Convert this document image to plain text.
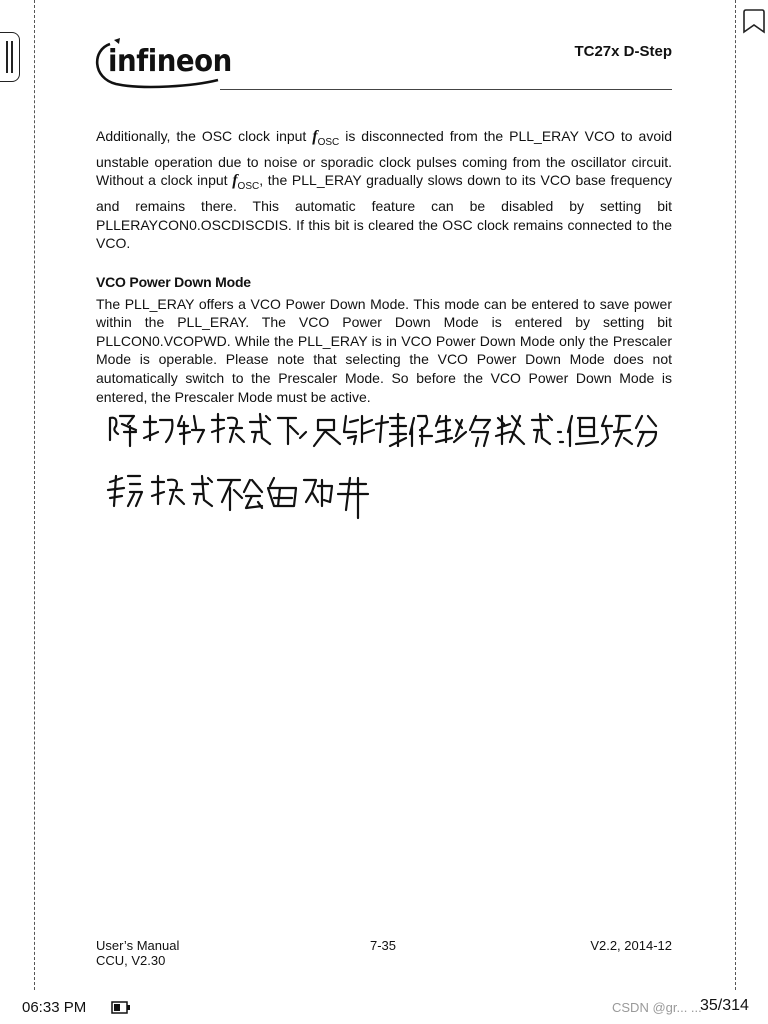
infineon	TC27x D-Step

Additionally, the OSC clock input $f_{OSC}$ is disconnected from the PLL_ERAY VCO to avoid unstable operation due to noise or sporadic clock pulses coming from the oscillator circuit. Without a clock input $f_{OSC}$, the PLL_ERAY gradually slows down to its VCO base frequency and remains there. This automatic feature can be disabled by setting bit PLLERAYCON0.OSCDISCDIS. If this bit is cleared the OSC clock remains connected to the VCO.

VCO Power Down Mode

The PLL_ERAY offers a VCO Power Down Mode. This mode can be entered to save power within the PLL_ERAY. The VCO Power Down Mode is entered by setting bit PLLCON0.VCOPWD. While the PLL_ERAY is in VCO Power Down Mode only the Prescaler Mode is operable. Please note that selecting the VCO Power Down Mode does not automatically switch to the Prescaler Mode. So before the VCO Power Down Mode is entered, the Prescaler Mode must be active.

User’s Manual
CCU, V2.30
7-35	V2.2, 2014-12
06:33 PM	CSDN @gr... ...
35/314
